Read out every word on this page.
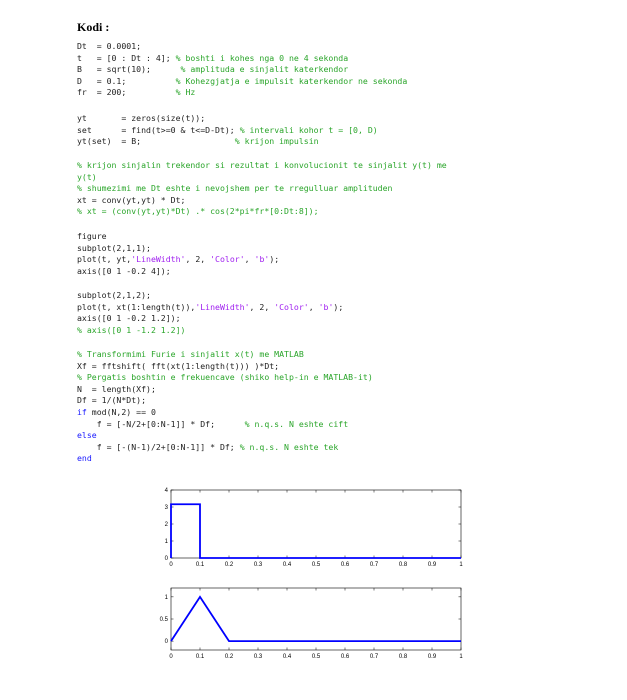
Kodi :
Dt  = 0.0001;
t   = [0 : Dt : 4]; % boshti i kohes nga 0 ne 4 sekonda
B   = sqrt(10);	% amplituda e sinjalit katerkendor
D   = 0.1;	% Kohezgjatja e impulsit katerkendor ne sekonda
fr  = 200;	% Hz
yt       = zeros(size(t));
set      = find(t>=0 & t<=D-Dt); % intervali kohor t = [0, D)
yt(set)  = B;	% krijon impulsin
% krijon sinjalin trekendor si rezultat i konvolucionit te sinjalit y(t) me
y(t)
% shumezimi me Dt eshte i nevojshem per te rregulluar amplituden
xt = conv(yt,yt) * Dt;
% xt = (conv(yt,yt)*Dt) .* cos(2*pi*fr*[0:Dt:8]);
figure
subplot(2,1,1);
plot(t, yt,'LineWidth', 2, 'Color', 'b');
axis([0 1 -0.2 4]);
subplot(2,1,2);
plot(t, xt(1:length(t)),'LineWidth', 2, 'Color', 'b');
axis([0 1 -0.2 1.2]);
% axis([0 1 -1.2 1.2])
% Transformimi Furie i sinjalit x(t) me MATLAB
Xf = fftshift( fft(xt(1:length(t))) )*Dt;
% Pergatis boshtin e frekuencave (shiko help-in e MATLAB-it)
N  = length(Xf);
Df = 1/(N*Dt);
if mod(N,2) == 0
f = [-N/2+[0:N-1]] * Df;	% n.q.s. N eshte cift
else
f = [-(N-1)/2+[0:N-1]] * Df; % n.q.s. N eshte tek
end
0	0.1	0.2	0.3	0.4	0.5	0.6	0.7	0.8	0.9	1
0
1
2
3
4
0	0.1	0.2	0.3	0.4	0.5	0.6	0.7	0.8	0.9	1
0
0.5
1
